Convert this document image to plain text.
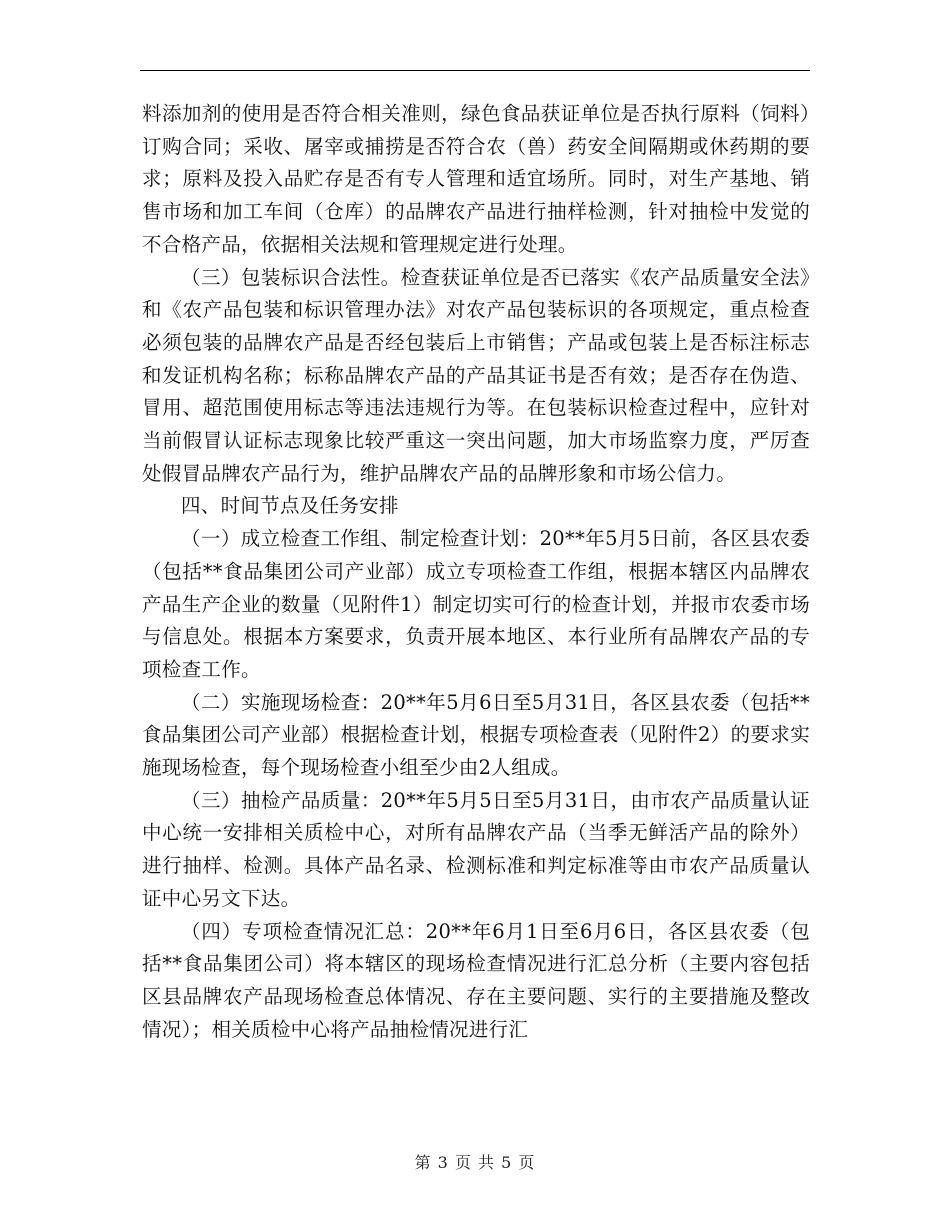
料添加剂的使用是否符合相关准则，绿色食品获证单位是否执行原料（饲料）订购合同；采收、屠宰或捕捞是否符合农（兽）药安全间隔期或休药期的要求；原料及投入品贮存是否有专人管理和适宜场所。同时，对生产基地、销售市场和加工车间（仓库）的品牌农产品进行抽样检测，针对抽检中发觉的不合格产品，依据相关法规和管理规定进行处理。

（三）包装标识合法性。检查获证单位是否已落实《农产品质量安全法》和《农产品包装和标识管理办法》对农产品包装标识的各项规定，重点检查必须包装的品牌农产品是否经包装后上市销售；产品或包装上是否标注标志和发证机构名称；标称品牌农产品的产品其证书是否有效；是否存在伪造、冒用、超范围使用标志等违法违规行为等。在包装标识检查过程中，应针对当前假冒认证标志现象比较严重这一突出问题，加大市场监察力度，严厉查处假冒品牌农产品行为，维护品牌农产品的品牌形象和市场公信力。

四、时间节点及任务安排

（一）成立检查工作组、制定检查计划：20**年5月5日前，各区县农委（包括**食品集团公司产业部）成立专项检查工作组，根据本辖区内品牌农产品生产企业的数量（见附件1）制定切实可行的检查计划，并报市农委市场与信息处。根据本方案要求，负责开展本地区、本行业所有品牌农产品的专项检查工作。

（二）实施现场检查：20**年5月6日至5月31日，各区县农委（包括**食品集团公司产业部）根据检查计划，根据专项检查表（见附件2）的要求实施现场检查，每个现场检查小组至少由2人组成。

（三）抽检产品质量：20**年5月5日至5月31日，由市农产品质量认证中心统一安排相关质检中心，对所有品牌农产品（当季无鲜活产品的除外）进行抽样、检测。具体产品名录、检测标准和判定标准等由市农产品质量认证中心另文下达。

（四）专项检查情况汇总：20**年6月1日至6月6日，各区县农委（包括**食品集团公司）将本辖区的现场检查情况进行汇总分析（主要内容包括区县品牌农产品现场检查总体情况、存在主要问题、实行的主要措施及整改情况）；相关质检中心将产品抽检情况进行汇

第 3 页 共 5 页
